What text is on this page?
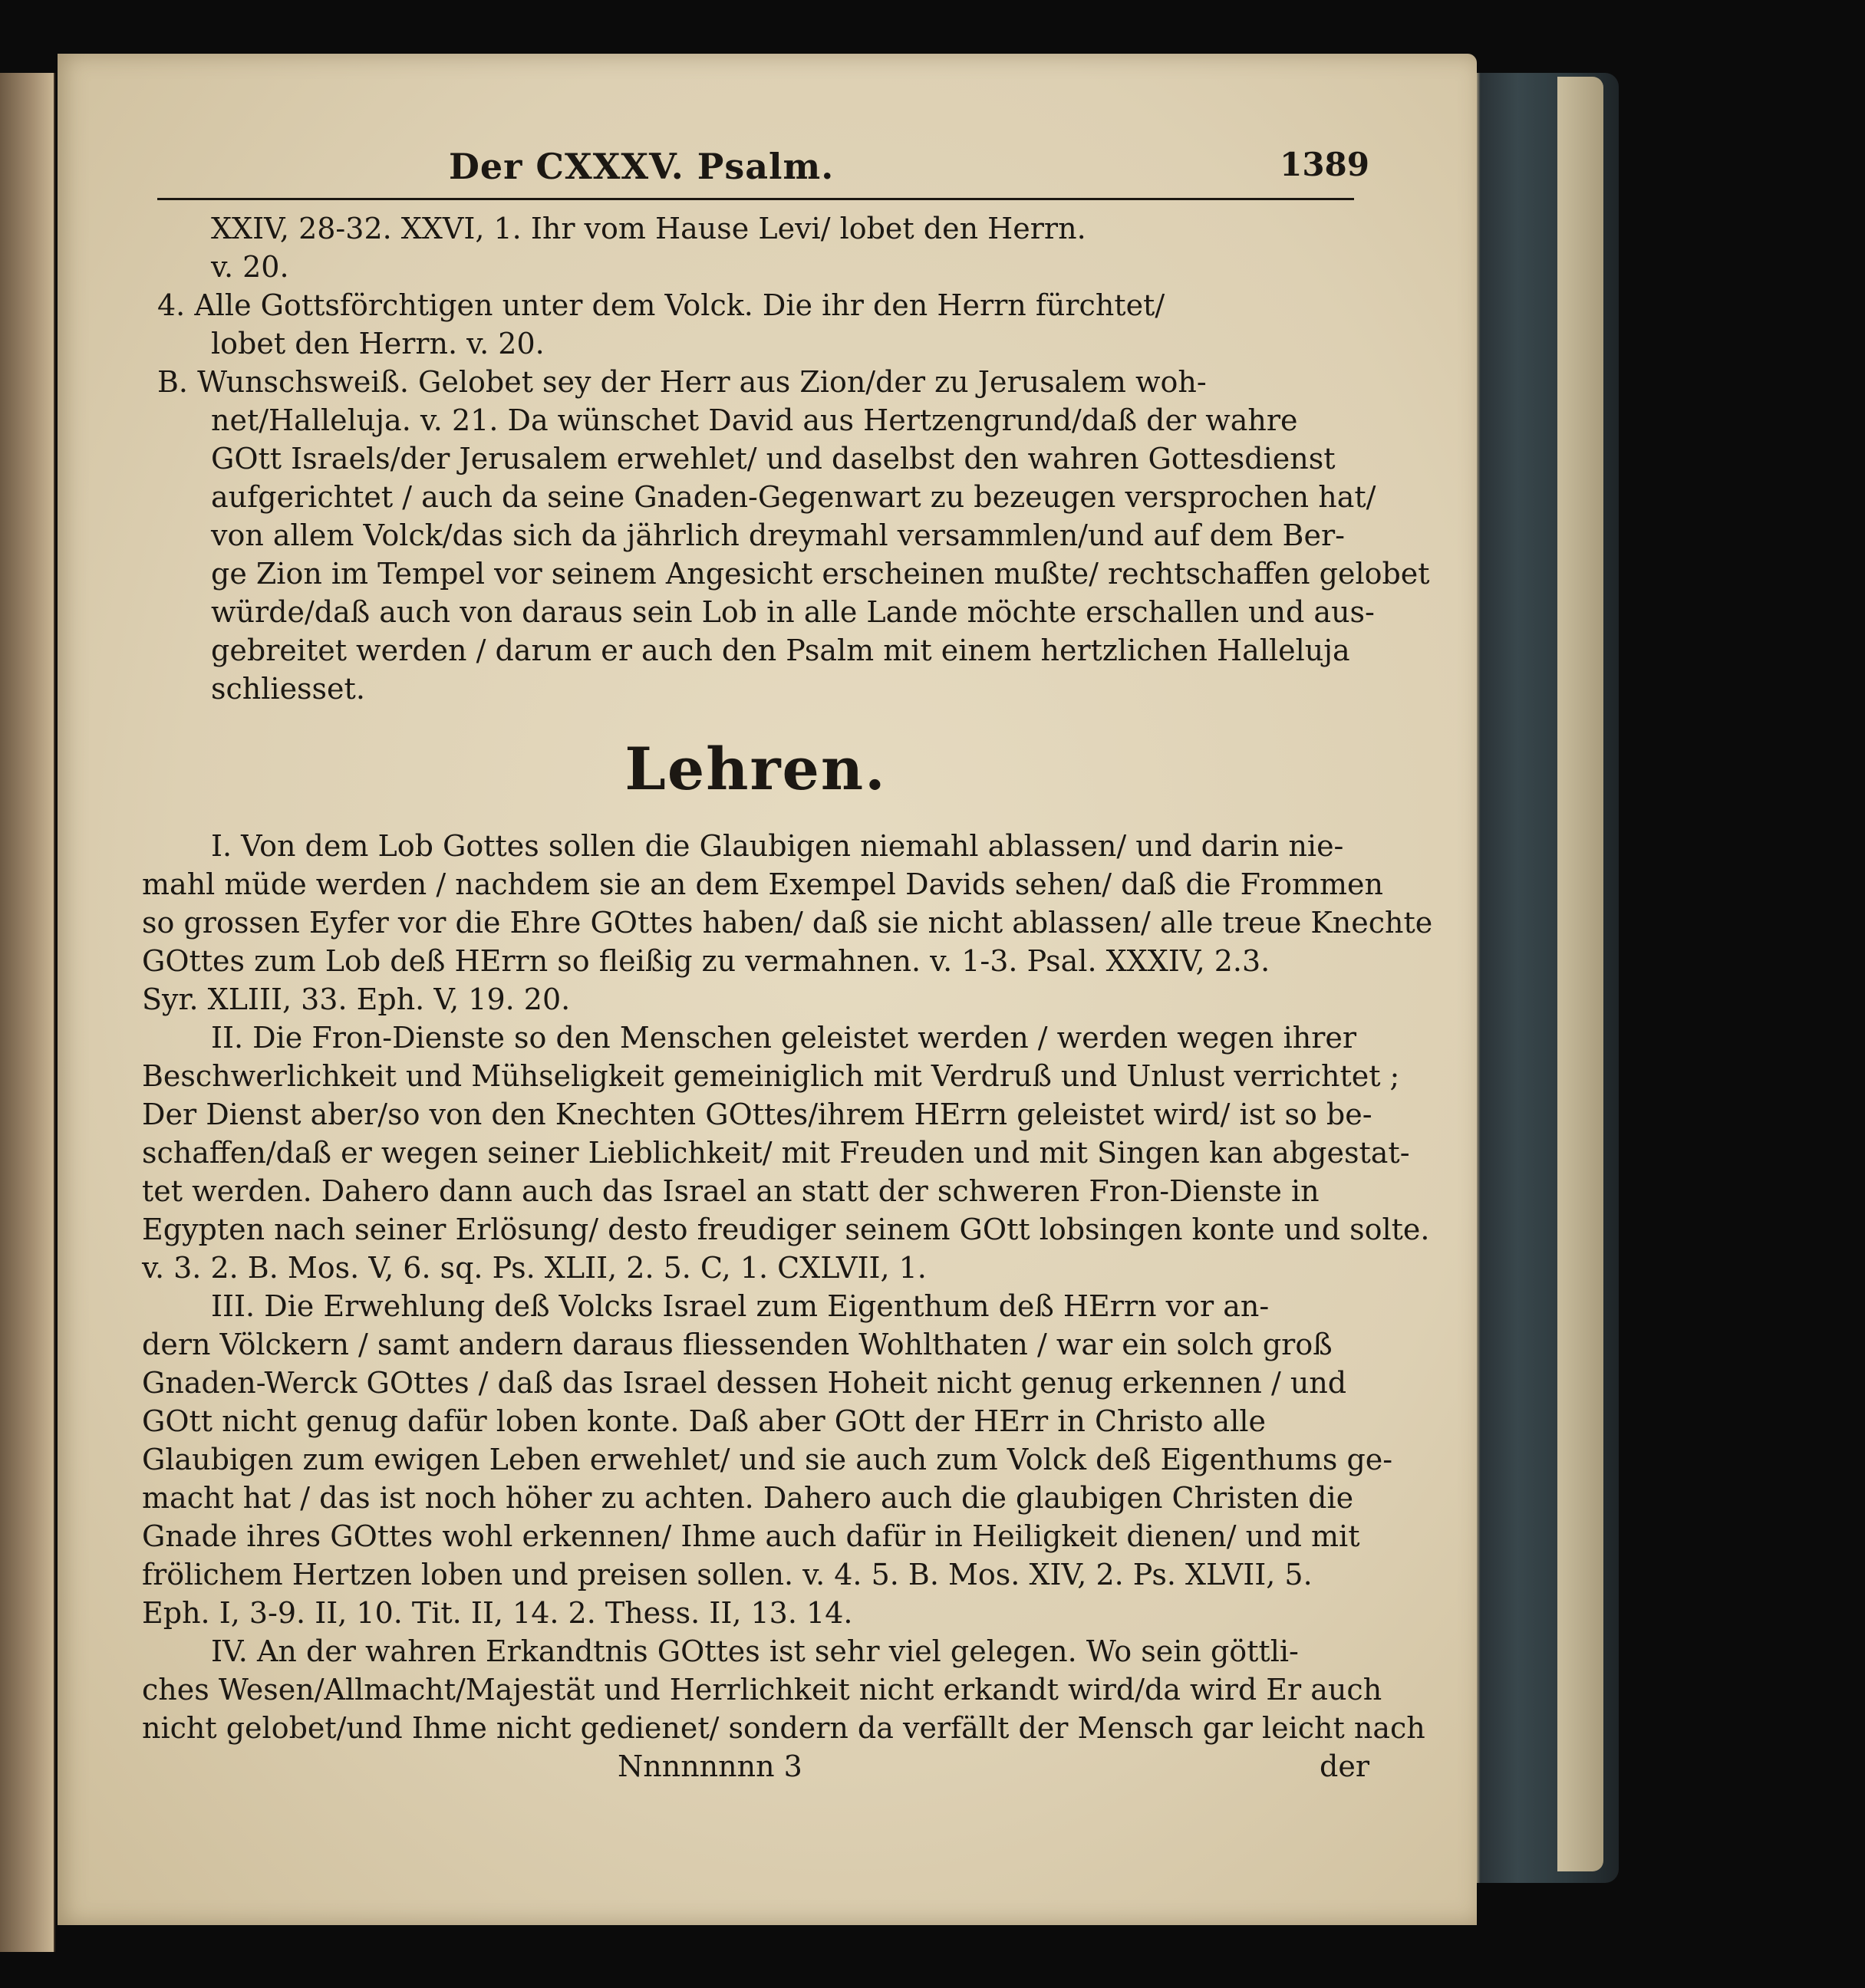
Der CXXXV. Psalm.	1389

XXIV, 28-32. XXVI, 1. Ihr vom Hause Levi/ lobet den Herrn.

v. 20.

4. Alle Gottsförchtigen unter dem Volck. Die ihr den Herrn fürchtet/

lobet den Herrn. v. 20.

B. Wunschsweiß. Gelobet sey der Herr aus Zion/der zu Jerusalem woh-

net/Halleluja. v. 21. Da wünschet David aus Hertzengrund/daß der wahre

GOtt Israels/der Jerusalem erwehlet/ und daselbst den wahren Gottesdienst

aufgerichtet / auch da seine Gnaden-Gegenwart zu bezeugen versprochen hat/

von allem Volck/das sich da jährlich dreymahl versammlen/und auf dem Ber-

ge Zion im Tempel vor seinem Angesicht erscheinen mußte/ rechtschaffen gelobet

würde/daß auch von daraus sein Lob in alle Lande möchte erschallen und aus-

gebreitet werden / darum er auch den Psalm mit einem hertzlichen Halleluja

schliesset.

Lehren.

I. Von dem Lob Gottes sollen die Glaubigen niemahl ablassen/ und darin nie-

mahl müde werden / nachdem sie an dem Exempel Davids sehen/ daß die Frommen

so grossen Eyfer vor die Ehre GOttes haben/ daß sie nicht ablassen/ alle treue Knechte

GOttes zum Lob deß HErrn so fleißig zu vermahnen. v. 1-3. Psal. XXXIV, 2.3.

Syr. XLIII, 33. Eph. V, 19. 20.

II. Die Fron-Dienste so den Menschen geleistet werden / werden wegen ihrer

Beschwerlichkeit und Mühseligkeit gemeiniglich mit Verdruß und Unlust verrichtet ;

Der Dienst aber/so von den Knechten GOttes/ihrem HErrn geleistet wird/ ist so be-

schaffen/daß er wegen seiner Lieblichkeit/ mit Freuden und mit Singen kan abgestat-

tet werden. Dahero dann auch das Israel an statt der schweren Fron-Dienste in

Egypten nach seiner Erlösung/ desto freudiger seinem GOtt lobsingen konte und solte.

v. 3. 2. B. Mos. V, 6. sq. Ps. XLII, 2. 5. C, 1. CXLVII, 1.

III. Die Erwehlung deß Volcks Israel zum Eigenthum deß HErrn vor an-

dern Völckern / samt andern daraus fliessenden Wohlthaten / war ein solch groß

Gnaden-Werck GOttes / daß das Israel dessen Hoheit nicht genug erkennen / und

GOtt nicht genug dafür loben konte. Daß aber GOtt der HErr in Christo alle

Glaubigen zum ewigen Leben erwehlet/ und sie auch zum Volck deß Eigenthums ge-

macht hat / das ist noch höher zu achten. Dahero auch die glaubigen Christen die

Gnade ihres GOttes wohl erkennen/ Ihme auch dafür in Heiligkeit dienen/ und mit

frölichem Hertzen loben und preisen sollen. v. 4. 5. B. Mos. XIV, 2. Ps. XLVII, 5.

Eph. I, 3-9. II, 10. Tit. II, 14. 2. Thess. II, 13. 14.

IV. An der wahren Erkandtnis GOttes ist sehr viel gelegen. Wo sein göttli-

ches Wesen/Allmacht/Majestät und Herrlichkeit nicht erkandt wird/da wird Er auch

nicht gelobet/und Ihme nicht gedienet/ sondern da verfällt der Mensch gar leicht nach

Nnnnnnnn 3	der
